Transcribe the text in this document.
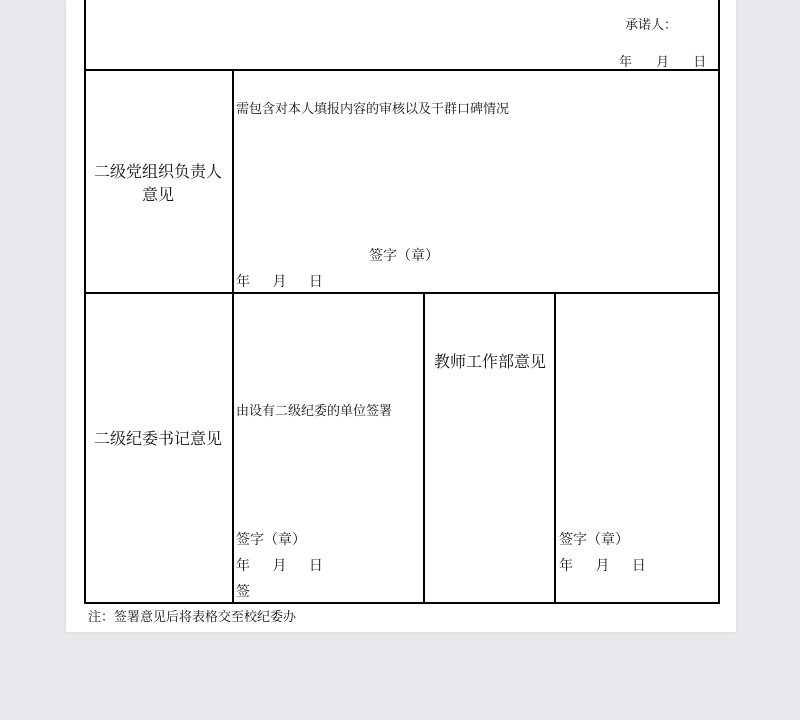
承诺人：
年 月 日
二级党组织负责人意见
需包含对本人填报内容的审核以及干群口碑情况
签字（章）
年 月 日
二级纪委书记意见
由设有二级纪委的单位签署
签字（章）
年 月 日
签
教师工作部意见
签字（章）
年 月 日
注：签署意见后将表格交至校纪委办
